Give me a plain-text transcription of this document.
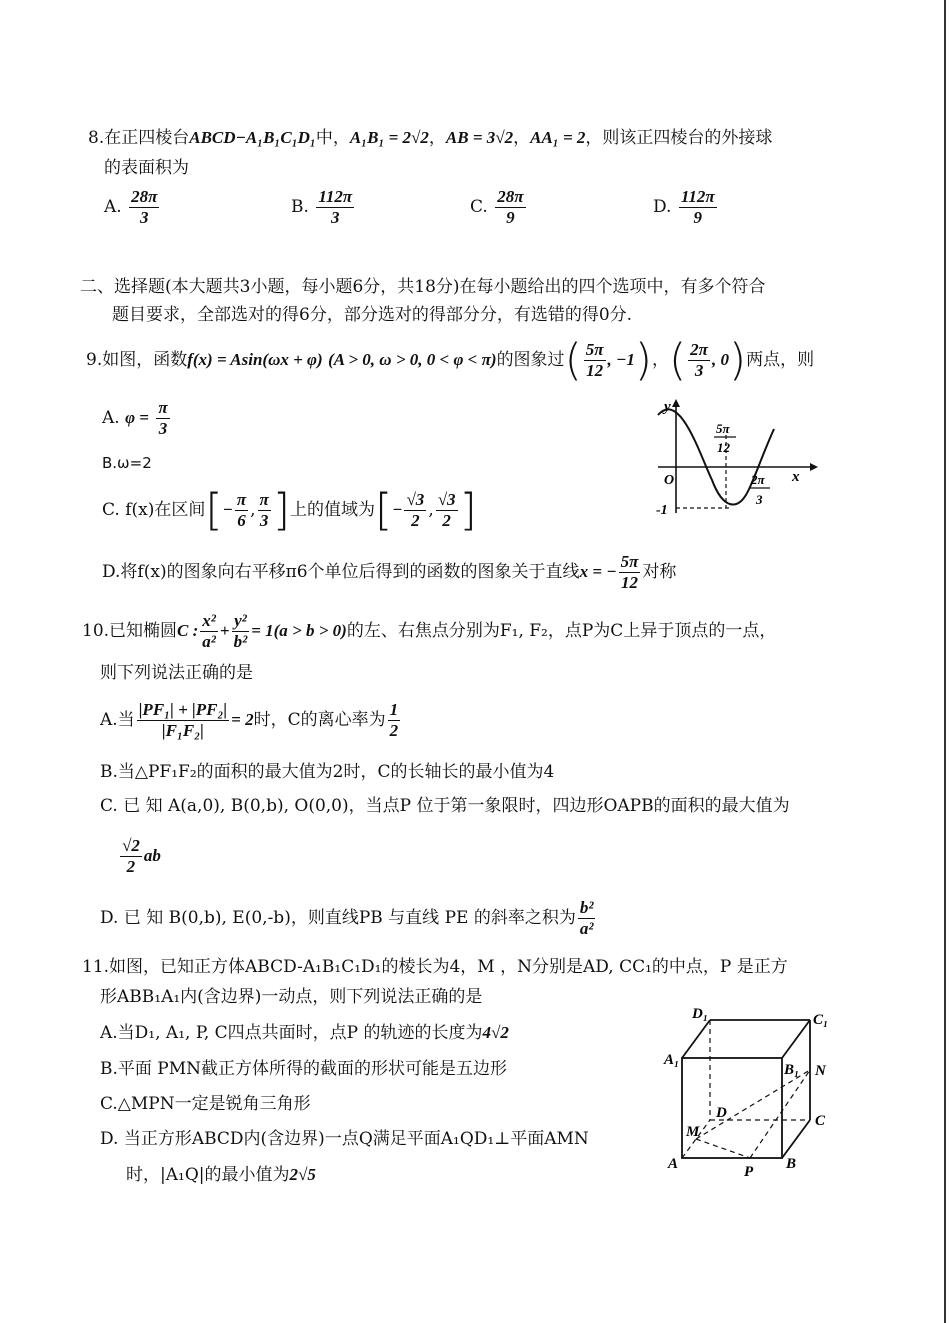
8.在正四棱台ABCD−A₁B₁C₁D₁中，A₁B₁ = 2√2，AB = 3√2，AA₁ = 2，则该正四棱台的外接球
的表面积为
A. $\frac{28\pi}{3}$	B. $\frac{112\pi}{3}$	C. $\frac{28\pi}{9}$	D. $\frac{112\pi}{9}$
二、选择题(本大题共3小题，每小题6分，共18分)在每小题给出的四个选项中，有多个符合
题目要求，全部选对的得6分，部分选对的得部分分，有选错的得0分.
9.如图，函数f(x) = Asin(ωx + φ) (A > 0, ω > 0, 0 < φ < π)的图象过( $\frac{5\pi}{12}$ , −1)，( $\frac{2\pi}{3}$ , 0)两点，则
A. $\varphi = \frac{\pi}{3}$
B.ω=2
C. f(x)在区间[− $\frac{\pi}{6}$ , $\frac{\pi}{3}$ ]上的值域为[− $\frac{√3}{2}$ , $\frac{√3}{2}$ ]
D.将f(x)的图象向右平移π6个单位后得到的函数的图象关于直线x = − $\frac{5\pi}{12}$ 对称
y
x
O
-1
5π
12
2π
3
10.已知椭圆C : $\frac{\text{x²}}{\text{a²}} + \frac{\text{y²}}{\text{b²}} = 1(a > b > 0)$的左、右焦点分别为F₁, F₂，点P为C上异于顶点的一点，
则下列说法正确的是
A.当 $\frac{\text{|PF₁| + |PF₂|}}{\text{|F₁F₂|}} = 2$时，C的离心率为 $\frac{1}{2}$
B.当△PF₁F₂的面积的最大值为2时，C的长轴长的最小值为4
C. 已 知 A(a,0), B(0,b), O(0,0)，当点P 位于第一象限时，四边形OAPB的面积的最大值为
$\frac{√2}{2}$ ab
D. 已 知 B(0,b), E(0,-b)，则直线PB 与直线 PE 的斜率之积为 $\frac{\text{b²}}{\text{a²}}$
11.如图，已知正方体ABCD-A₁B₁C₁D₁的棱长为4，M ，N分别是AD, CC₁的中点，P 是正方
形ABB₁A₁内(含边界)一动点，则下列说法正确的是
A.当D₁, A₁, P, C四点共面时，点P 的轨迹的长度为4√2
B.平面 PMN截正方体所得的截面的形状可能是五边形
C.△MPN一定是锐角三角形
D. 当正方形ABCD内(含边界)一点Q满足平面A₁QD₁⊥平面AMN
时，|A₁Q|的最小值为2√5
D₁	C₁
A₁
B₁ N
D	C
M
A	P B
